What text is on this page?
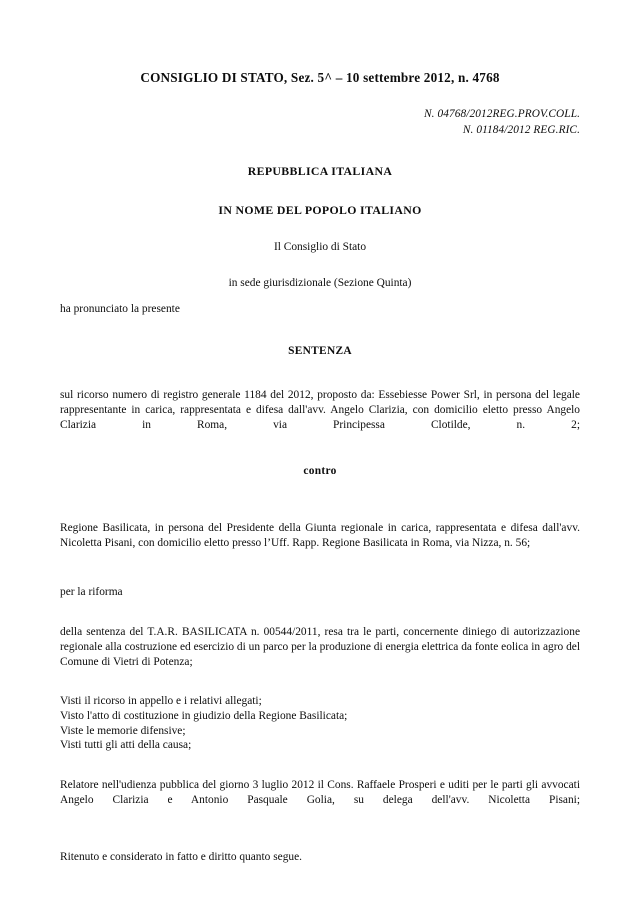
CONSIGLIO DI STATO, Sez. 5^ – 10 settembre 2012, n. 4768
N. 04768/2012REG.PROV.COLL.
N. 01184/2012 REG.RIC.
REPUBBLICA ITALIANA
IN NOME DEL POPOLO ITALIANO
Il Consiglio di Stato
in sede giurisdizionale (Sezione Quinta)
ha pronunciato la presente
SENTENZA
sul ricorso numero di registro generale 1184 del 2012, proposto da: Essebiesse Power Srl, in persona del legale rappresentante in carica, rappresentata e difesa dall'avv. Angelo Clarizia, con domicilio eletto presso Angelo Clarizia in Roma, via Principessa Clotilde, n. 2;
contro
Regione Basilicata, in persona del Presidente della Giunta regionale in carica, rappresentata e difesa dall'avv. Nicoletta Pisani, con domicilio eletto presso l’Uff. Rapp. Regione Basilicata in Roma, via Nizza, n. 56;
per la riforma
della sentenza del T.A.R. BASILICATA n. 00544/2011, resa tra le parti, concernente diniego di autorizzazione regionale alla costruzione ed esercizio di un parco per la produzione di energia elettrica da fonte eolica in agro del Comune di Vietri di Potenza;
Visti il ricorso in appello e i relativi allegati;
Visto l'atto di costituzione in giudizio della Regione Basilicata;
Viste le memorie difensive;
Visti tutti gli atti della causa;
Relatore nell'udienza pubblica del giorno 3 luglio 2012 il Cons. Raffaele Prosperi e uditi per le parti gli avvocati Angelo Clarizia e Antonio Pasquale Golia, su delega dell'avv. Nicoletta Pisani;
Ritenuto e considerato in fatto e diritto quanto segue.
